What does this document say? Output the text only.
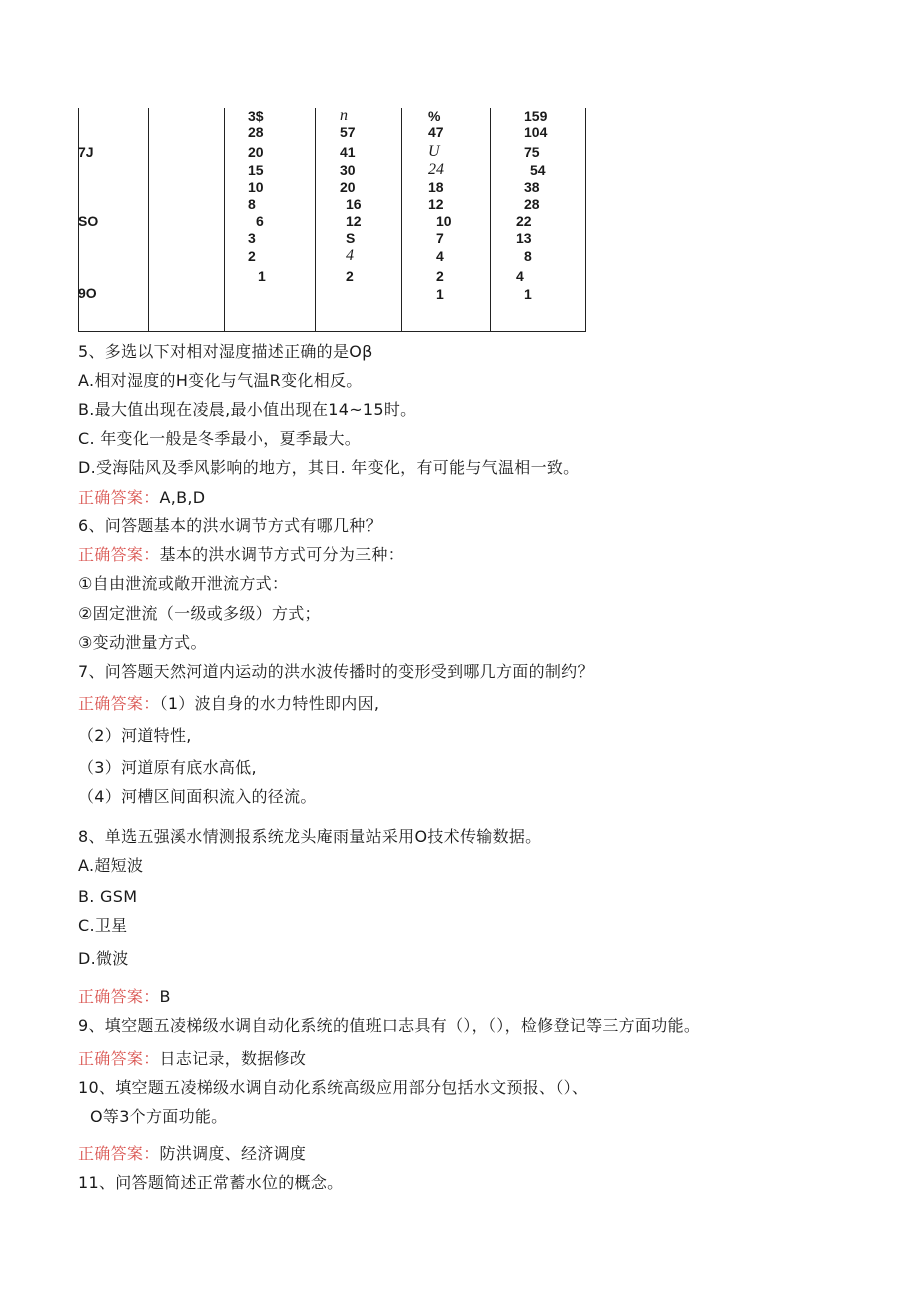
7J
SO
9O
3$
28
20
15
10
8
6
3
2
1
n
57
41
30
20
16
12
S
4
2
%
47
U
24
18
12
10
7
4
2
1
159
104
75
54
38
28
22
13
8
4
1
5、多选以下对相对湿度描述正确的是Oβ
A.相对湿度的H变化与气温R变化相反。
B.最大值出现在凌晨,最小值出现在14~15时。
C. 年变化一般是冬季最小，夏季最大。
D.受海陆风及季风影响的地方，其日. 年变化，有可能与气温相一致。
正确答案：A,B,D
6、问答题基本的洪水调节方式有哪几种？
正确答案：基本的洪水调节方式可分为三种：
①自由泄流或敞开泄流方式：
②固定泄流（一级或多级）方式；
③变动泄量方式。
7、问答题天然河道内运动的洪水波传播时的变形受到哪几方面的制约？
正确答案：（1）波自身的水力特性即内因,
（2）河道特性,
（3）河道原有底水高低,
（4）河槽区间面积流入的径流。
8、单选五强溪水情测报系统龙头庵雨量站采用O技术传输数据。
A.超短波
B. GSM
C.卫星
D.微波
正确答案：B
9、填空题五凌梯级水调自动化系统的值班口志具有（），（），检修登记等三方面功能。
正确答案：日志记录，数据修改
10、填空题五凌梯级水调自动化系统高级应用部分包括水文预报、（）、
O等3个方面功能。
正确答案：防洪调度、经济调度
11、问答题简述正常蓄水位的概念。
